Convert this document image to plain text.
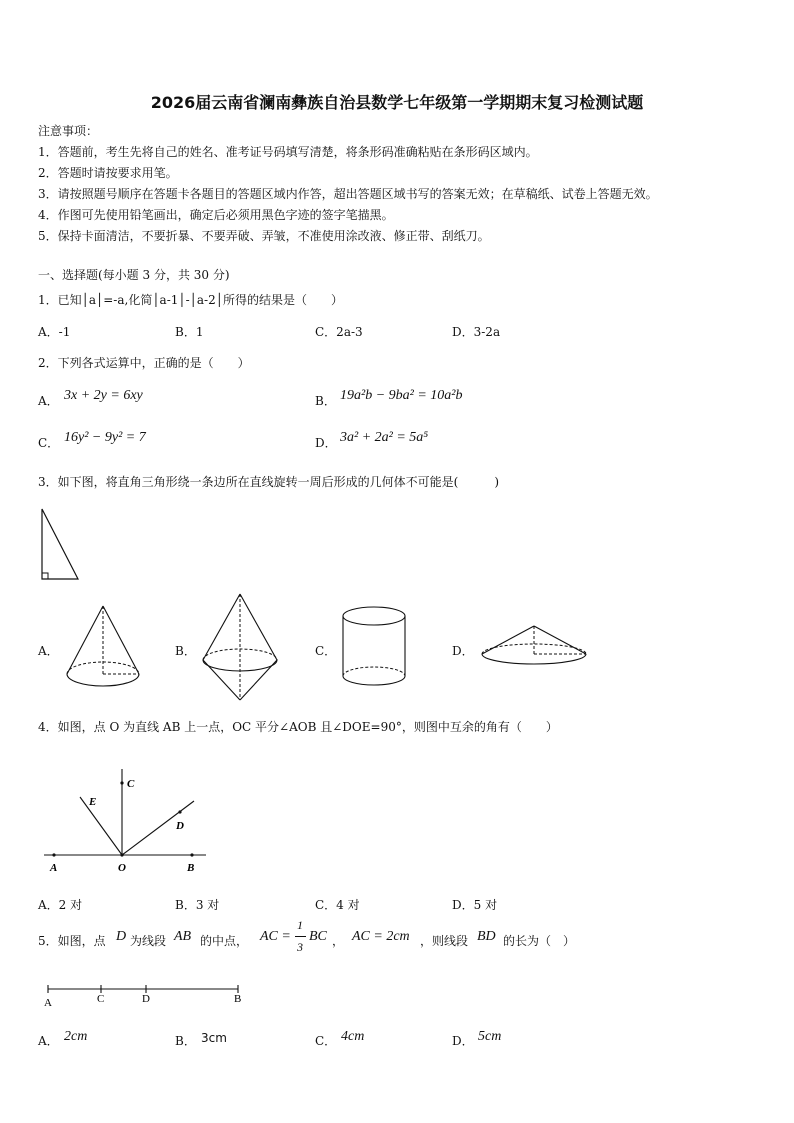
2026届云南省澜南彝族自治县数学七年级第一学期期末复习检测试题
注意事项：
1．答题前，考生先将自己的姓名、准考证号码填写清楚，将条形码准确粘贴在条形码区域内。
2．答题时请按要求用笔。
3．请按照题号顺序在答题卡各题目的答题区域内作答，超出答题区域书写的答案无效；在草稿纸、试卷上答题无效。
4．作图可先使用铅笔画出，确定后必须用黑色字迹的签字笔描黑。
5．保持卡面清洁，不要折暴、不要弄破、弄皱，不准使用涂改液、修正带、刮纸刀。
一、选择题(每小题 3 分，共 30 分)
1．已知│a│=-a,化简│a-1│-│a-2│所得的结果是（　　）
A．-1	B．1	C．2a-3	D．3-2a
2．下列各式运算中，正确的是（　　）
A． 3x + 2y = 6xy	B． 19a²b − 9ba² = 10a²b
C． 16y² − 9y² = 7	D． 3a² + 2a² = 5a⁵
3．如下图，将直角三角形绕一条边所在直线旋转一周后形成的几何体不可能是(　　　)
A．	B．	C．	D．
4．如图，点 O 为直线 AB 上一点，OC 平分∠AOB 且∠DOE=90°，则图中互余的角有（　　）
A	O	B
C
D
E
A．2 对	B．3 对	C．4 对	D．5 对
5．如图，点 D 为线段 AB 的中点， AC =
1
3
BC ， AC = 2cm ，则线段 BD 的长为（　）
A	C	D	B
A． 2cm	B． 3cm	C． 4cm	D． 5cm
